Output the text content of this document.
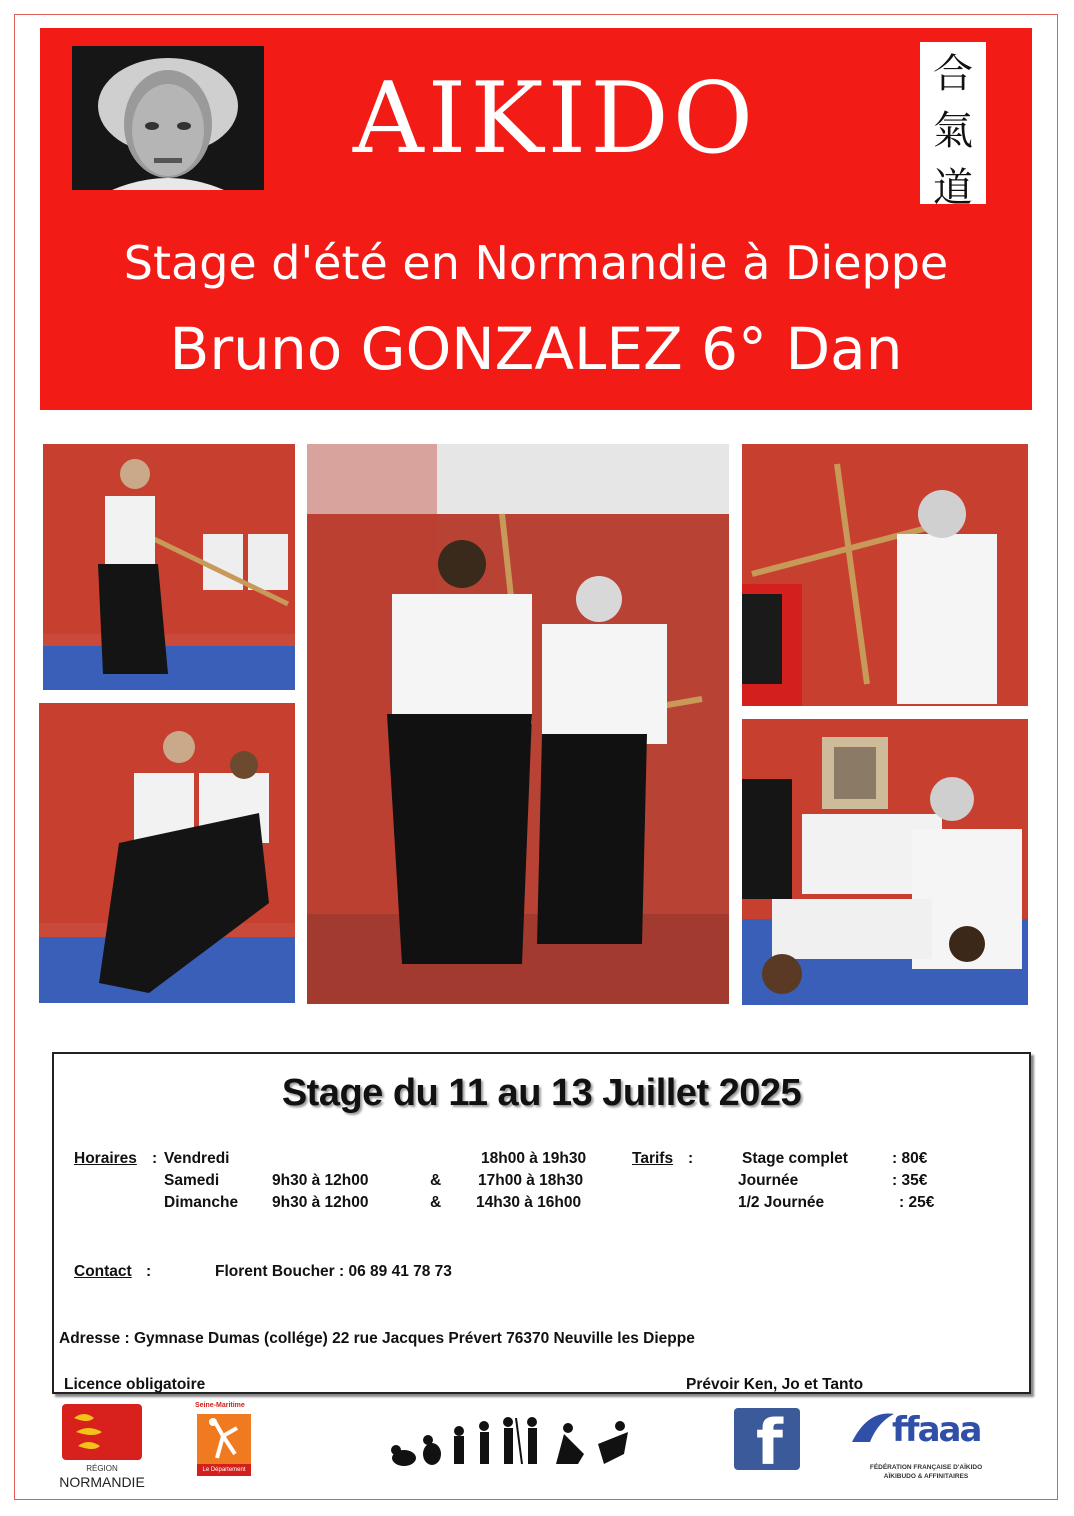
AIKIDO	合
氣
道
Stage d'été en Normandie à Dieppe
Bruno GONZALEZ 6° Dan
Stage du 11 au 13 Juillet 2025
Horaires : Vendredi	18h00 à 19h30
Samedi	9h30 à 12h00	& 17h00 à 18h30
Dimanche 9h30 à 12h00	& 14h30 à 16h00
Tarifs :	Stage complet	: 80€
Journée	: 35€
1/2 Journée	: 25€
Contact :	Florent Boucher : 06 89 41 78 73
Adresse : Gymnase Dumas (collége) 22 rue Jacques Prévert 76370 Neuville les Dieppe
Licence obligatoire	Prévoir Ken, Jo et Tanto
RÉGION
NORMANDIE
Seine-Maritime
Le Département	f	ffaaa
FÉDÉRATION FRANÇAISE D'AÏKIDO
AÏKIBUDO & AFFINITAIRES
